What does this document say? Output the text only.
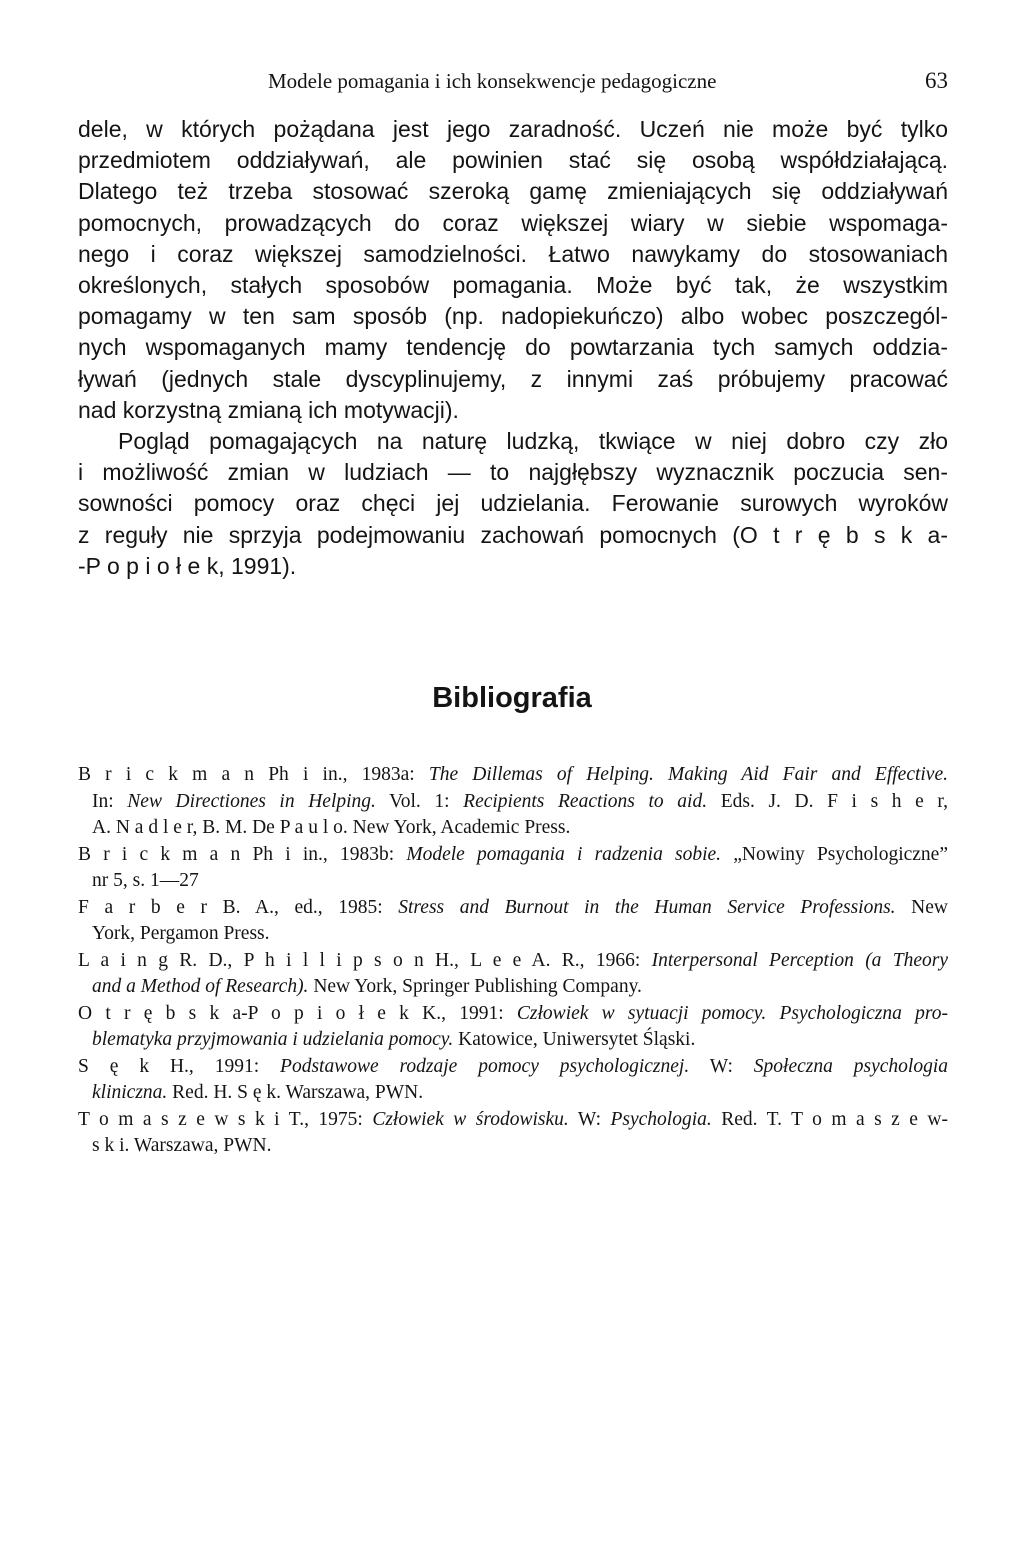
Modele pomagania i ich konsekwencje pedagogiczne	63
dele, w których pożądana jest jego zaradność. Uczeń nie może być tylko
przedmiotem oddziaływań, ale powinien stać się osobą współdziałającą.
Dlatego też trzeba stosować szeroką gamę zmieniających się oddziaływań
pomocnych, prowadzących do coraz większej wiary w siebie wspomaga-
nego i coraz większej samodzielności. Łatwo nawykamy do stosowaniach
określonych, stałych sposobów pomagania. Może być tak, że wszystkim
pomagamy w ten sam sposób (np. nadopiekuńczo) albo wobec poszczegól-
nych wspomaganych mamy tendencję do powtarzania tych samych oddzia-
ływań (jednych stale dyscyplinujemy, z innymi zaś próbujemy pracować
nad korzystną zmianą ich motywacji).
Pogląd pomagających na naturę ludzką, tkwiące w niej dobro czy zło
i możliwość zmian w ludziach — to najgłębszy wyznacznik poczucia sen-
sowności pomocy oraz chęci jej udzielania. Ferowanie surowych wyroków
z reguły nie sprzyja podejmowaniu zachowań pomocnych (O t r ę b s k a-
-P o p i o ł e k, 1991).
Bibliografia
B r i c k m a n Ph i in., 1983a: The Dillemas of Helping. Making Aid Fair and Effective.
In: New Directiones in Helping. Vol. 1: Recipients Reactions to aid. Eds. J. D. F i s h e r,
A. N a d l e r, B. M. De P a u l o. New York, Academic Press.
B r i c k m a n Ph i in., 1983b: Modele pomagania i radzenia sobie. „Nowiny Psychologiczne”
nr 5, s. 1—27
F a r b e r B. A., ed., 1985: Stress and Burnout in the Human Service Professions. New
York, Pergamon Press.
L a i n g R. D., P h i l l i p s o n H., L e e A. R., 1966: Interpersonal Perception (a Theory
and a Method of Research). New York, Springer Publishing Company.
O t r ę b s k a-P o p i o ł e k K., 1991: Człowiek w sytuacji pomocy. Psychologiczna pro-
blematyka przyjmowania i udzielania pomocy. Katowice, Uniwersytet Śląski.
S ę k H., 1991: Podstawowe rodzaje pomocy psychologicznej. W: Społeczna psychologia
kliniczna. Red. H. S ę k. Warszawa, PWN.
T o m a s z e w s k i T., 1975: Człowiek w środowisku. W: Psychologia. Red. T. T o m a s z e w-
s k i. Warszawa, PWN.
